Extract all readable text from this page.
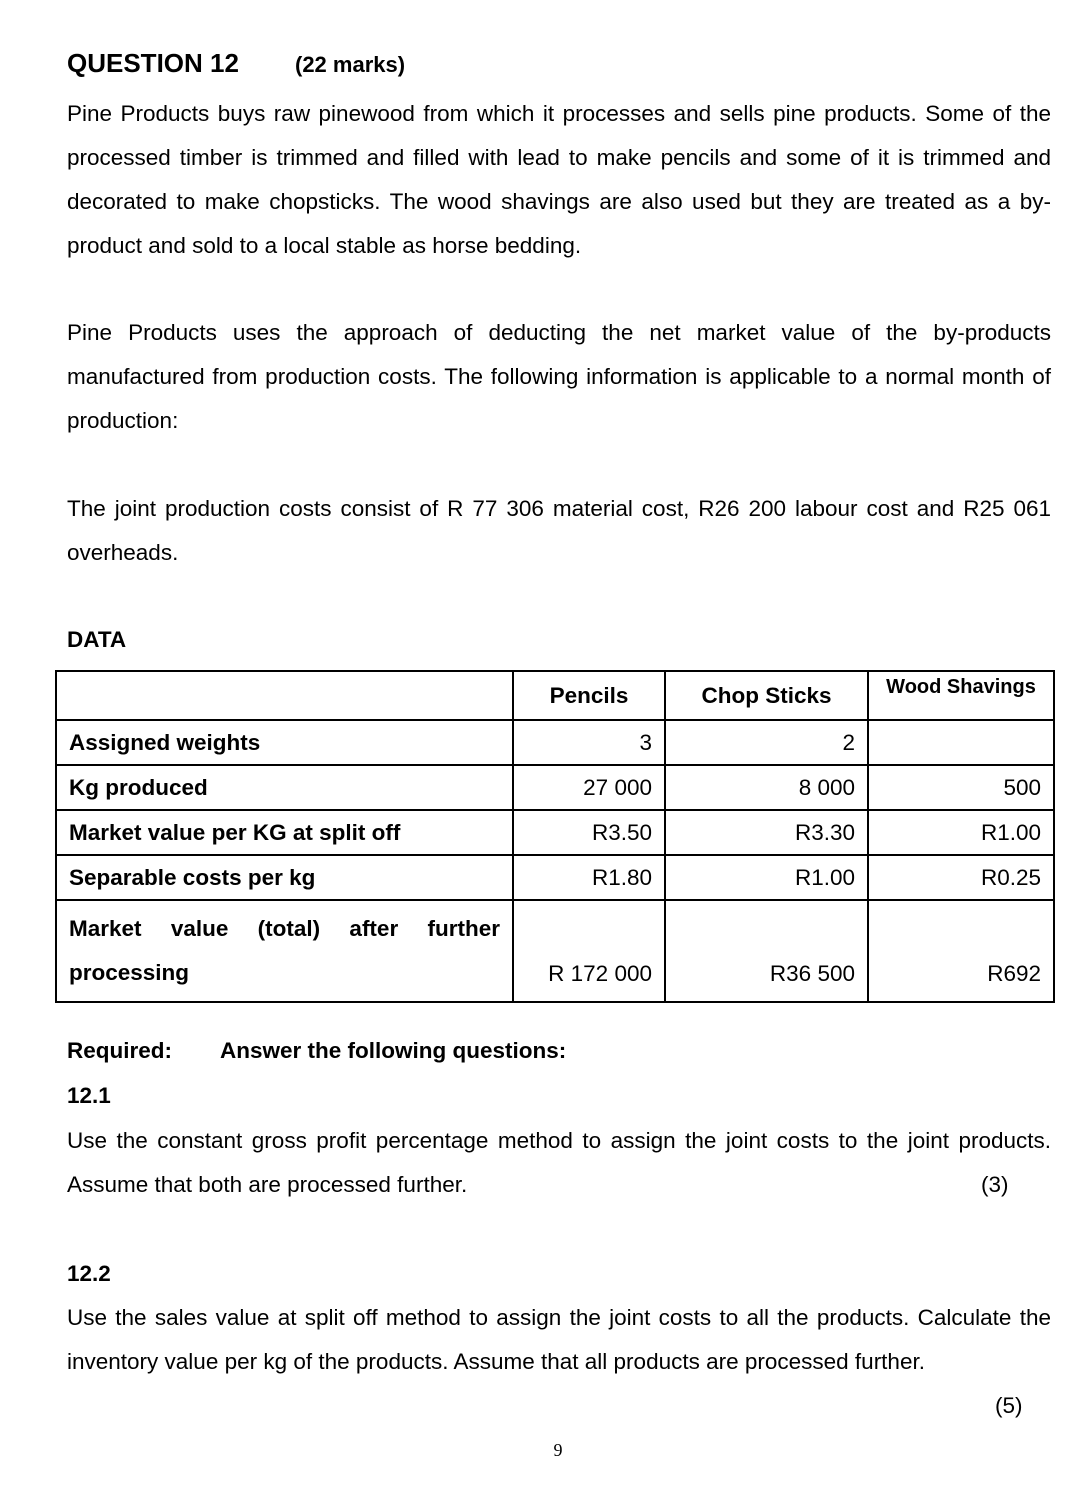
QUESTION 12	(22 marks)
Pine Products buys raw pinewood from which it processes and sells pine products. Some of the processed timber is trimmed and filled with lead to make pencils and some of it is trimmed and decorated to make chopsticks. The wood shavings are also used but they are treated as a by-product and sold to a local stable as horse bedding.
Pine Products uses the approach of deducting the net market value of the by-products manufactured from production costs. The following information is applicable to a normal month of production:
The joint production costs consist of R 77 306 material cost, R26 200 labour cost and R25 061 overheads.
DATA
	Pencils	Chop Sticks	Wood Shavings
Assigned weights	3	2	
Kg produced	27 000	8 000	500
Market value per KG at split off	R3.50	R3.30	R1.00
Separable costs per kg	R1.80	R1.00	R0.25

Market value (total) after further
processing	R 172 000	R36 500	R692
Required: Answer the following questions:
12.1
Use the constant gross profit percentage method to assign the joint costs to the joint products. Assume that both are processed further.	(3)
12.2
Use the sales value at split off method to assign the joint costs to all the products. Calculate the inventory value per kg of the products. Assume that all products are processed further.
(5)
9
